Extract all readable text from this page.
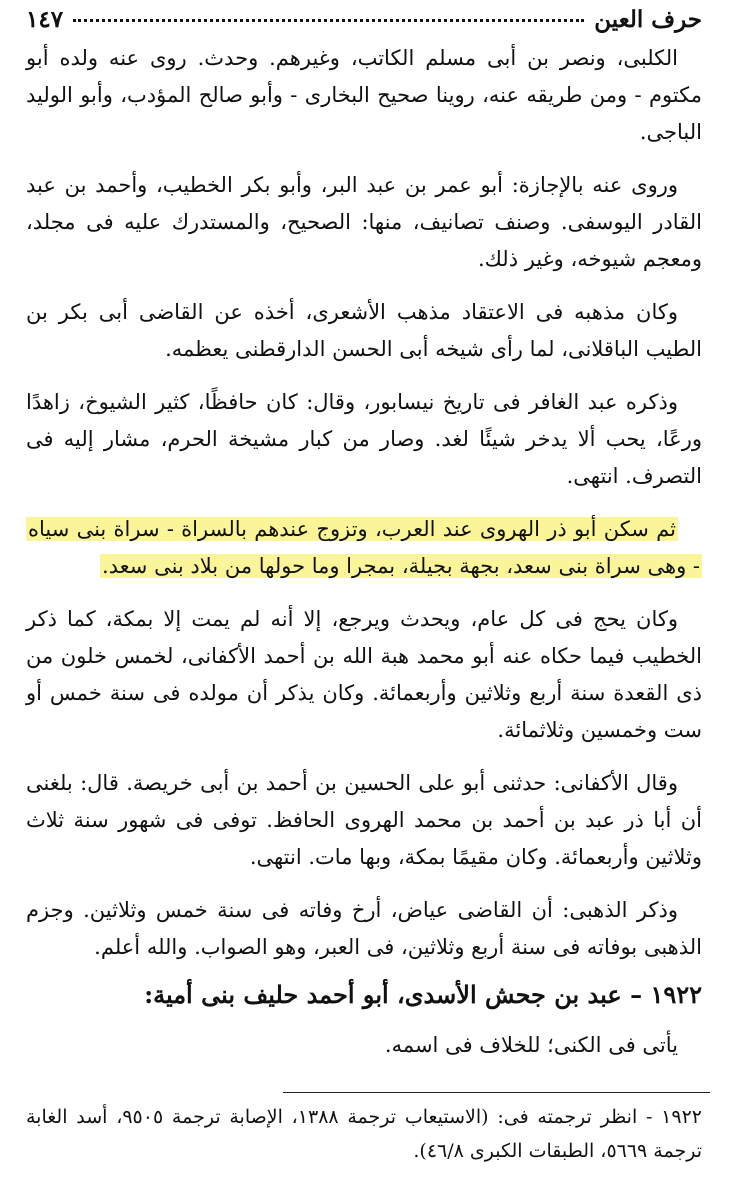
حرف العين
١٤٧

الكلبى، ونصر بن أبى مسلم الكاتب، وغيرهم. وحدث. روى عنه ولده أبو مكتوم - ومن طريقه عنه، روينا صحيح البخارى - وأبو صالح المؤدب، وأبو الوليد الباجى.

وروى عنه بالإجازة: أبو عمر بن عبد البر، وأبو بكر الخطيب، وأحمد بن عبد القادر اليوسفى. وصنف تصانيف، منها: الصحيح، والمستدرك عليه فى مجلد، ومعجم شيوخه، وغير ذلك.

وكان مذهبه فى الاعتقاد مذهب الأشعرى، أخذه عن القاضى أبى بكر بن الطيب الباقلانى، لما رأى شيخه أبى الحسن الدارقطنى يعظمه.

وذكره عبد الغافر فى تاريخ نيسابور، وقال: كان حافظًا، كثير الشيوخ، زاهدًا ورعًا، يحب ألا يدخر شيئًا لغد. وصار من كبار مشيخة الحرم، مشار إليه فى التصرف. انتهى.

ثم سكن أبو ذر الهروى عند العرب، وتزوج عندهم بالسراة - سراة بنى سياه - وهى سراة بنى سعد، بجهة بجيلة، بمجرا وما حولها من بلاد بنى سعد.

وكان يحج فى كل عام، ويحدث ويرجع، إلا أنه لم يمت إلا بمكة، كما ذكر الخطيب فيما حكاه عنه أبو محمد هبة الله بن أحمد الأكفانى، لخمس خلون من ذى القعدة سنة أربع وثلاثين وأربعمائة. وكان يذكر أن مولده فى سنة خمس أو ست وخمسين وثلاثمائة.

وقال الأكفانى: حدثنى أبو على الحسين بن أحمد بن أبى خريصة. قال: بلغنى أن أبا ذر عبد بن أحمد بن محمد الهروى الحافظ. توفى فى شهور سنة ثلاث وثلاثين وأربعمائة. وكان مقيمًا بمكة، وبها مات. انتهى.

وذكر الذهبى: أن القاضى عياض، أرخ وفاته فى سنة خمس وثلاثين. وجزم الذهبى بوفاته فى سنة أربع وثلاثين، فى العبر، وهو الصواب. والله أعلم.

١٩٢٢ – عبد بن جحش الأسدى، أبو أحمد حليف بنى أمية:

يأتى فى الكنى؛ للخلاف فى اسمه.

١٩٢٢ - انظر ترجمته فى: (الاستيعاب ترجمة ١٣٨٨، الإصابة ترجمة ٩٥٠٥، أسد الغابة ترجمة ٥٦٦٩، الطبقات الكبرى ٤٦/٨).
